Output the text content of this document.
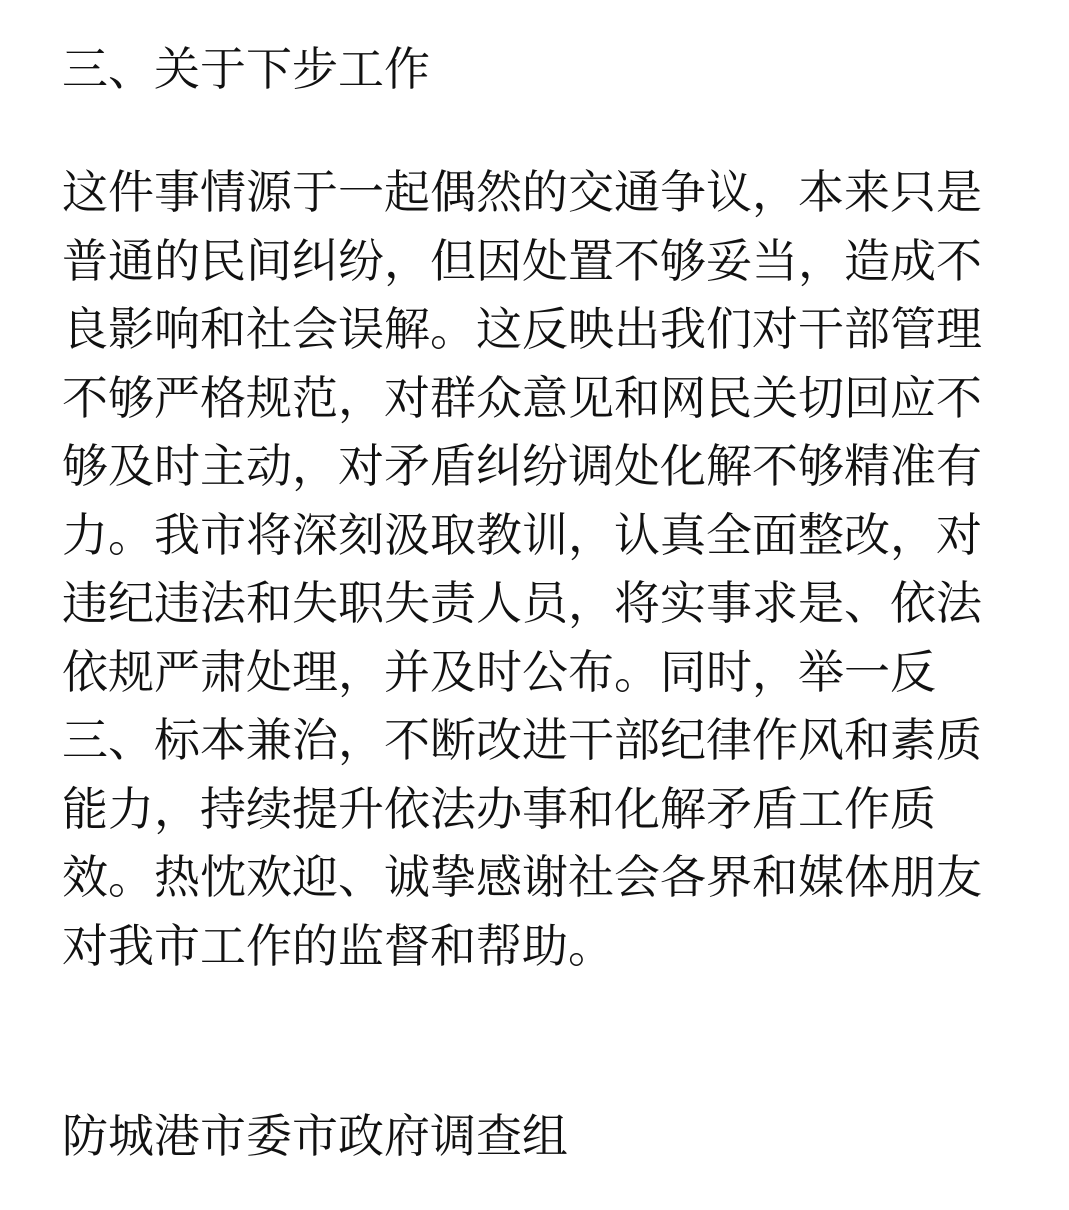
三、关于下步工作
这件事情源于一起偶然的交通争议，本来只是
普通的民间纠纷，但因处置不够妥当，造成不
良影响和社会误解。这反映出我们对干部管理
不够严格规范，对群众意见和网民关切回应不
够及时主动，对矛盾纠纷调处化解不够精准有
力。我市将深刻汲取教训，认真全面整改，对
违纪违法和失职失责人员，将实事求是、依法
依规严肃处理，并及时公布。同时，举一反
三、标本兼治，不断改进干部纪律作风和素质
能力，持续提升依法办事和化解矛盾工作质
效。热忱欢迎、诚挚感谢社会各界和媒体朋友
对我市工作的监督和帮助。
防城港市委市政府调查组
